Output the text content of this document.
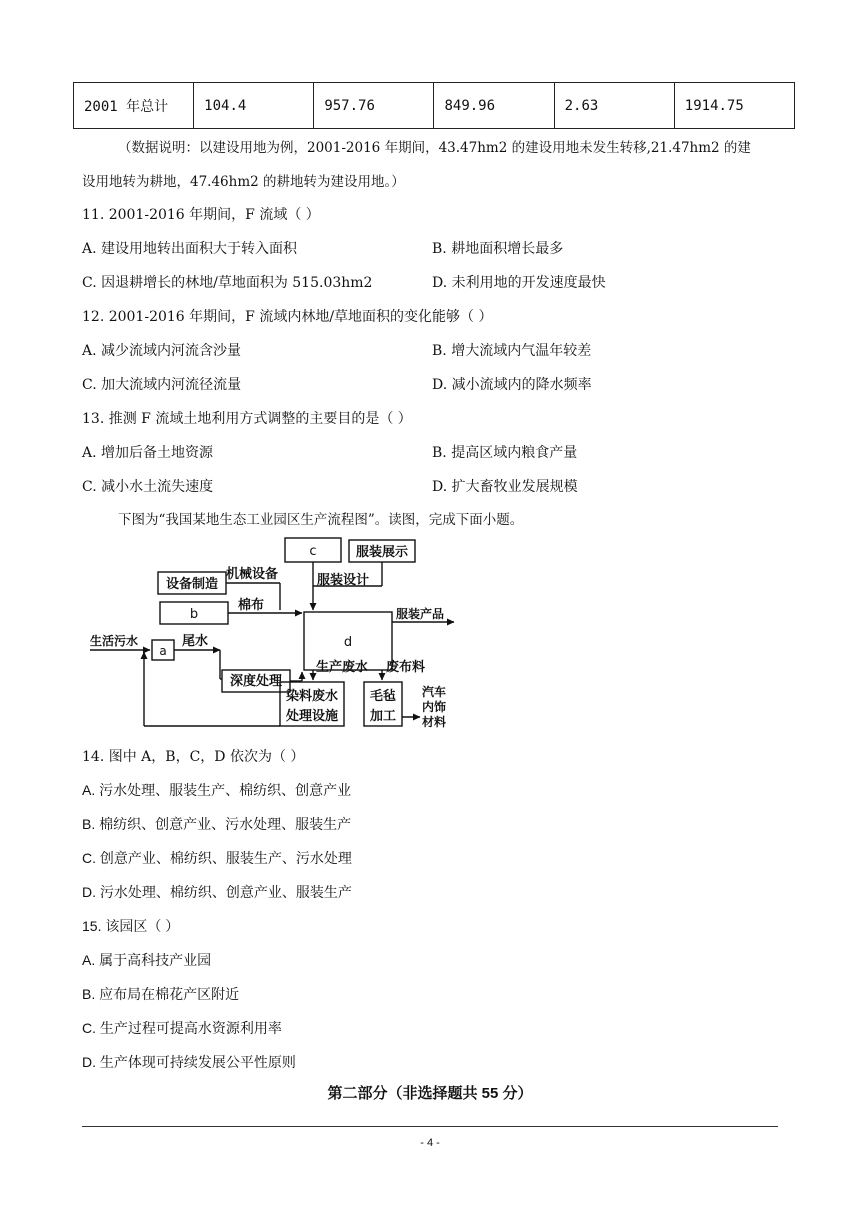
2001 年总计	104.4	957.76	849.96	2.63	1914.75
（数据说明：以建设用地为例，2001-2016 年期间，43.47hm2 的建设用地未发生转移,21.47hm2 的建
设用地转为耕地，47.46hm2 的耕地转为建设用地。）
11. 2001-2016 年期间，F 流域（ ）
A. 建设用地转出面积大于转入面积	B. 耕地面积增长最多
C. 因退耕增长的林地/草地面积为 515.03hm2	D. 未利用地的开发速度最快
12. 2001-2016 年期间，F 流域内林地/草地面积的变化能够（ ）
A. 减少流域内河流含沙量	B. 增大流域内气温年较差
C. 加大流域内河流径流量	D. 减小流域内的降水频率
13. 推测 F 流域土地利用方式调整的主要目的是（ ）
A. 增加后备土地资源	B. 提高区域内粮食产量
C. 减小水土流失速度	D. 扩大畜牧业发展规模
下图为“我国某地生态工业园区生产流程图”。读图，完成下面小题。
c	服装展示
设备制造
机械设备	服装设计
b
棉布
d
服装产品
生活污水
a
尾水
深度处理
生产废水 废布料
染料废水
处理设施
毛毡
加工
汽车
内饰
材料
14. 图中 A，B，C，D 依次为（ ）
A. 污水处理、服装生产、棉纺织、创意产业
B. 棉纺织、创意产业、污水处理、服装生产
C. 创意产业、棉纺织、服装生产、污水处理
D. 污水处理、棉纺织、创意产业、服装生产
15. 该园区（ ）
A. 属于高科技产业园
B. 应布局在棉花产区附近
C. 生产过程可提高水资源利用率
D. 生产体现可持续发展公平性原则
第二部分（非选择题共 55 分）
- 4 -
